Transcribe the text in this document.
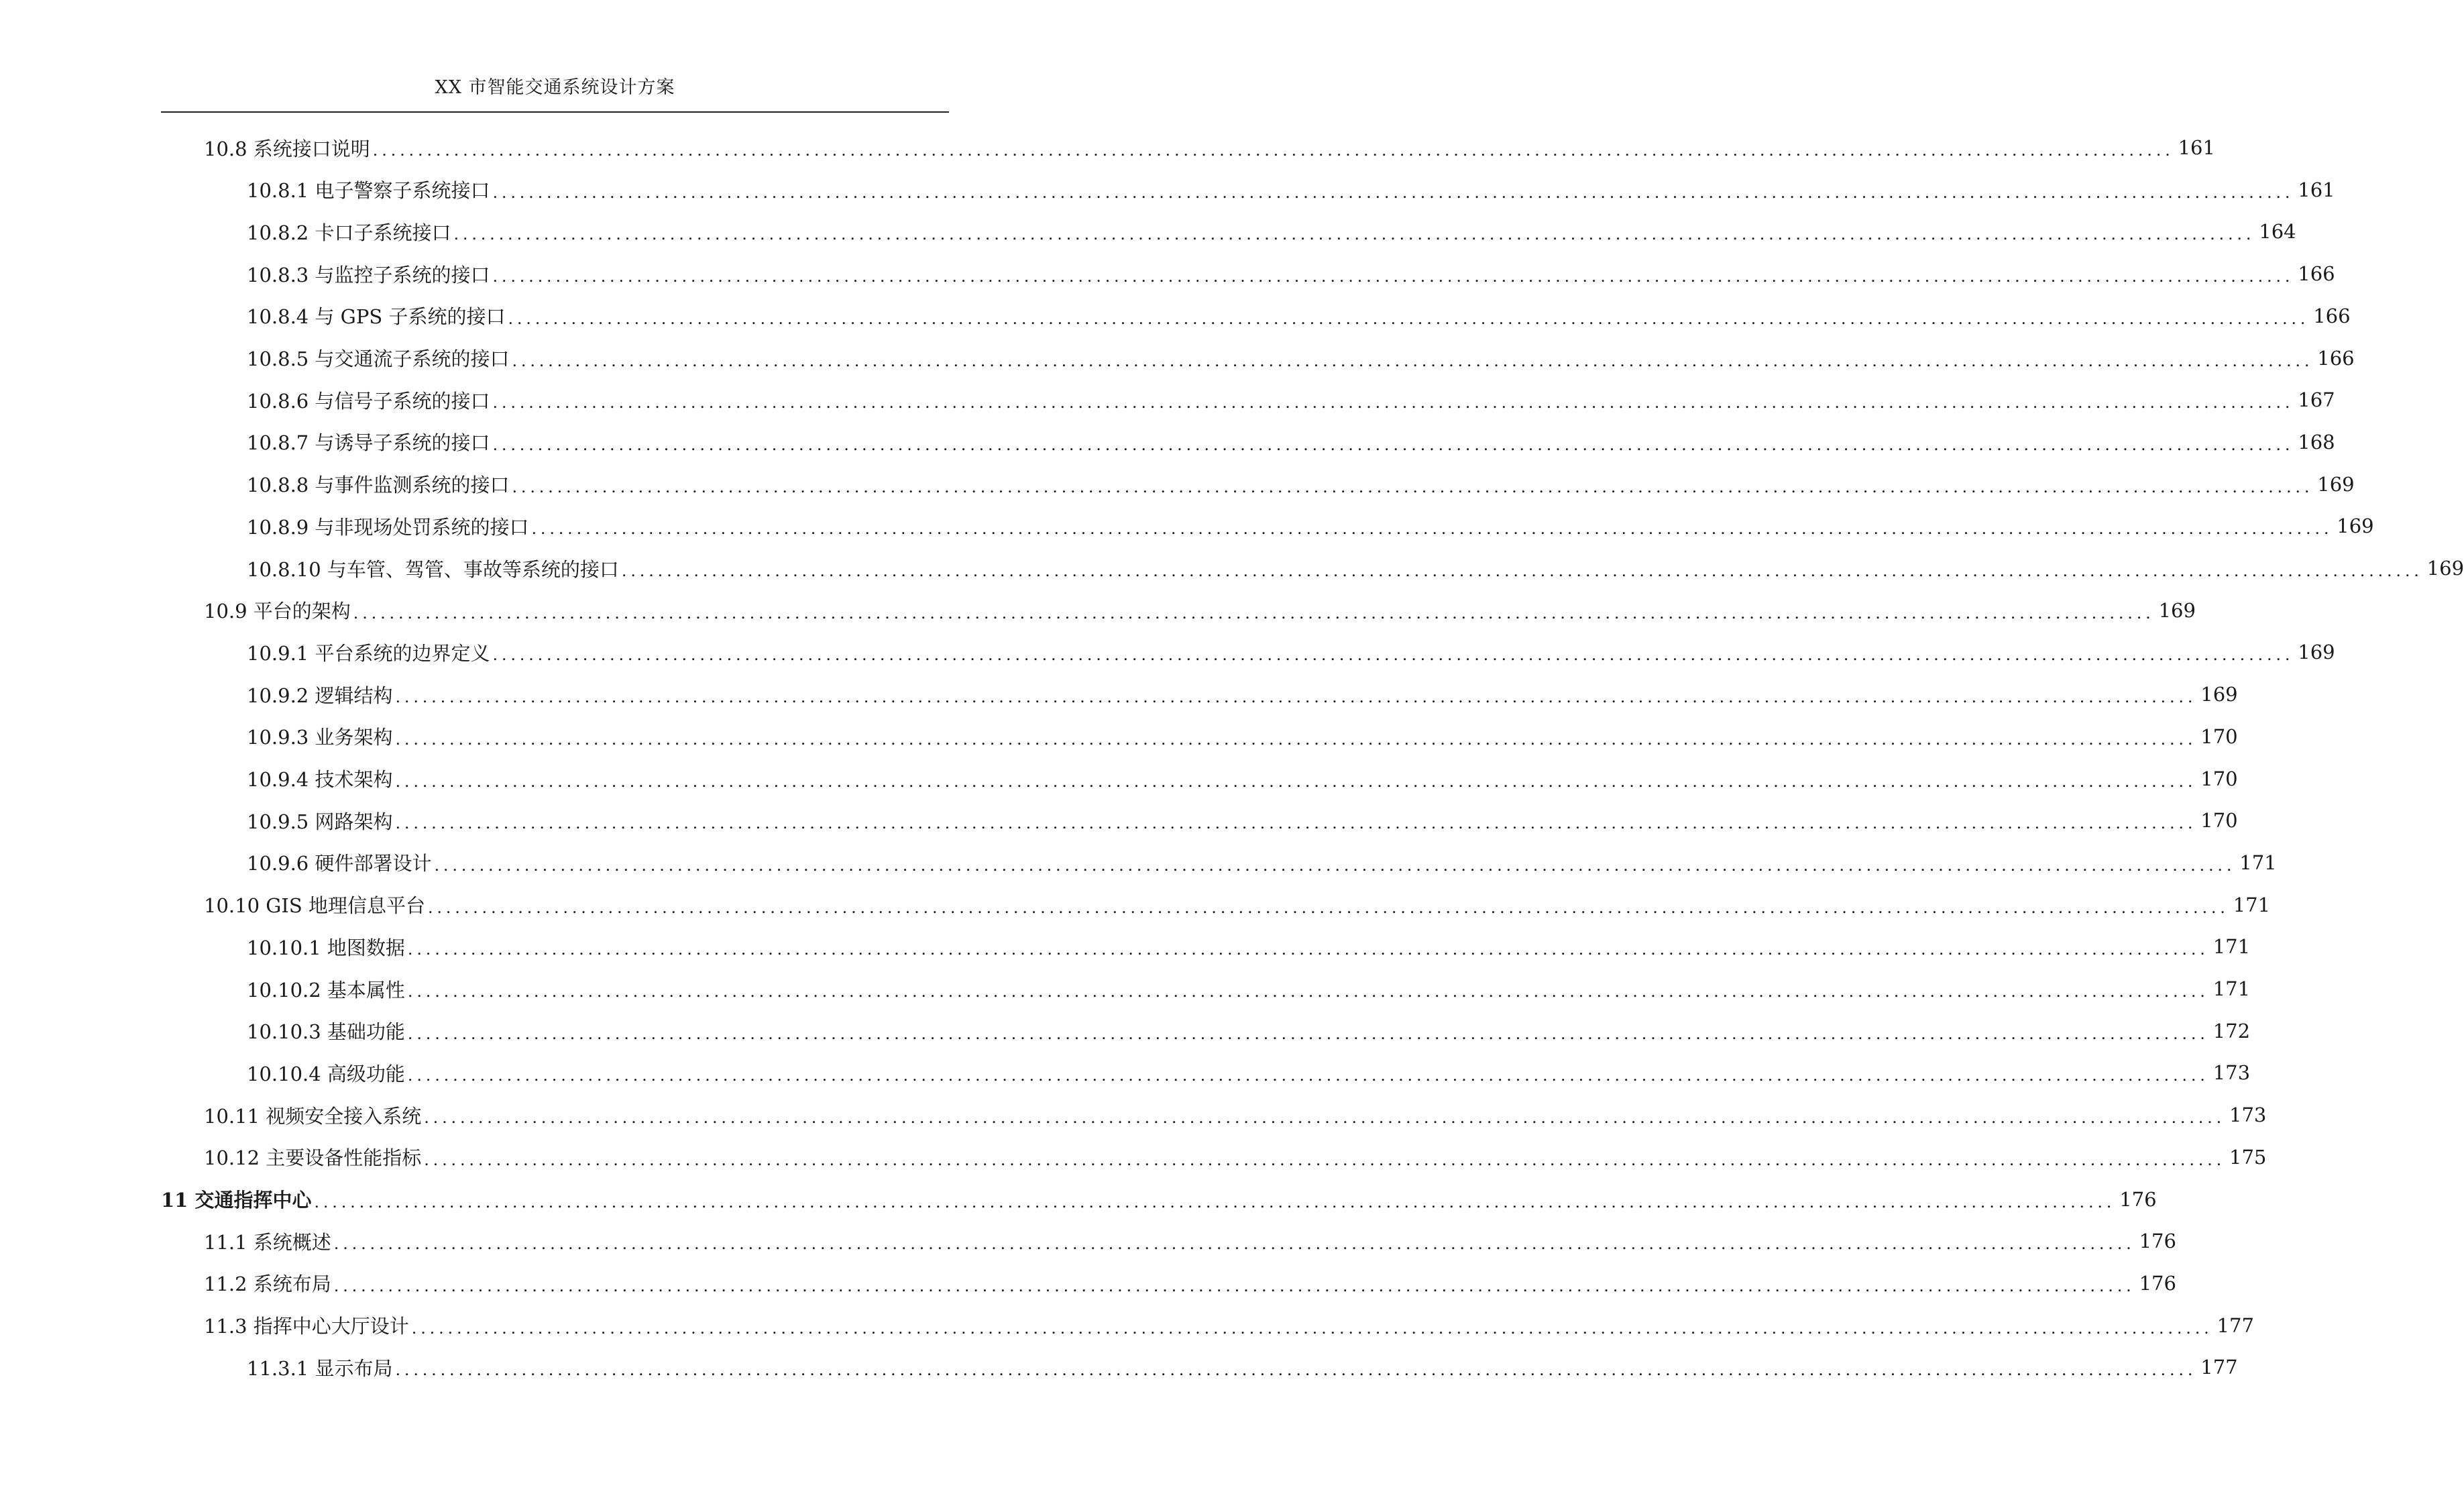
XX 市智能交通系统设计方案
10.8 系统接口说明 ........................................................................................................................................................................................................ 161
10.8.1 电子警察子系统接口 ........................................................................................................................................................................................................ 161
10.8.2 卡口子系统接口 ........................................................................................................................................................................................................ 164
10.8.3 与监控子系统的接口 ........................................................................................................................................................................................................ 166
10.8.4 与 GPS 子系统的接口 ........................................................................................................................................................................................................ 166
10.8.5 与交通流子系统的接口 ........................................................................................................................................................................................................ 166
10.8.6 与信号子系统的接口 ........................................................................................................................................................................................................ 167
10.8.7 与诱导子系统的接口 ........................................................................................................................................................................................................ 168
10.8.8 与事件监测系统的接口 ........................................................................................................................................................................................................ 169
10.8.9 与非现场处罚系统的接口 ........................................................................................................................................................................................................ 169
10.8.10 与车管、驾管、事故等系统的接口 ........................................................................................................................................................................................................ 169
10.9 平台的架构 ........................................................................................................................................................................................................ 169
10.9.1 平台系统的边界定义 ........................................................................................................................................................................................................ 169
10.9.2 逻辑结构 ........................................................................................................................................................................................................ 169
10.9.3 业务架构 ........................................................................................................................................................................................................ 170
10.9.4 技术架构 ........................................................................................................................................................................................................ 170
10.9.5 网路架构 ........................................................................................................................................................................................................ 170
10.9.6 硬件部署设计 ........................................................................................................................................................................................................ 171
10.10 GIS 地理信息平台 ........................................................................................................................................................................................................ 171
10.10.1 地图数据 ........................................................................................................................................................................................................ 171
10.10.2 基本属性 ........................................................................................................................................................................................................ 171
10.10.3 基础功能 ........................................................................................................................................................................................................ 172
10.10.4 高级功能 ........................................................................................................................................................................................................ 173
10.11 视频安全接入系统 ........................................................................................................................................................................................................ 173
10.12 主要设备性能指标 ........................................................................................................................................................................................................ 175
11 交通指挥中心 ........................................................................................................................................................................................................ 176
11.1 系统概述 ........................................................................................................................................................................................................ 176
11.2 系统布局 ........................................................................................................................................................................................................ 176
11.3 指挥中心大厅设计 ........................................................................................................................................................................................................ 177
11.3.1 显示布局 ........................................................................................................................................................................................................ 177
